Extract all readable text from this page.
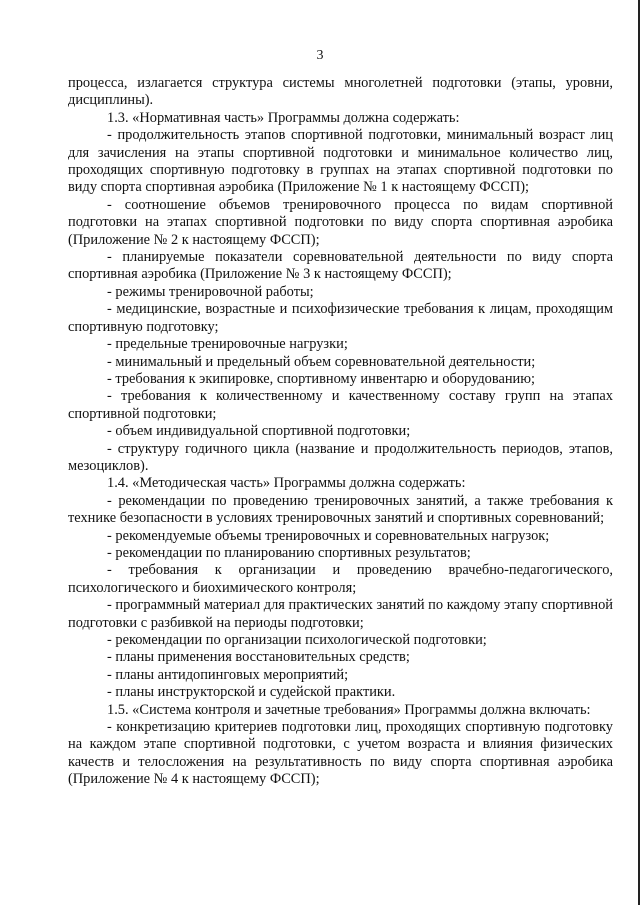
3

процесса, излагается структура системы многолетней подготовки (этапы, уровни, дисциплины).

1.3. «Нормативная часть» Программы должна содержать:

- продолжительность этапов спортивной подготовки, минимальный возраст лиц для зачисления на этапы спортивной подготовки и минимальное количество лиц, проходящих спортивную подготовку в группах на этапах спортивной подготовки по виду спорта спортивная аэробика (Приложение № 1 к настоящему ФССП);

- соотношение объемов тренировочного процесса по видам спортивной подготовки на этапах спортивной подготовки по виду спорта спортивная аэробика (Приложение № 2 к настоящему ФССП);

- планируемые показатели соревновательной деятельности по виду спорта спортивная аэробика (Приложение № 3 к настоящему ФССП);

- режимы тренировочной работы;

- медицинские, возрастные и психофизические требования к лицам, проходящим спортивную подготовку;

- предельные тренировочные нагрузки;

- минимальный и предельный объем соревновательной деятельности;

- требования к экипировке, спортивному инвентарю и оборудованию;

- требования к количественному и качественному составу групп на этапах спортивной подготовки;

- объем индивидуальной спортивной подготовки;

- структуру годичного цикла (название и продолжительность периодов, этапов, мезоциклов).

1.4. «Методическая часть» Программы должна содержать:

- рекомендации по проведению тренировочных занятий, а также требования к технике безопасности в условиях тренировочных занятий и спортивных соревнований;

- рекомендуемые объемы тренировочных и соревновательных нагрузок;

- рекомендации по планированию спортивных результатов;

- требования к организации и проведению врачебно-педагогического, психологического и биохимического контроля;

- программный материал для практических занятий по каждому этапу спортивной подготовки с разбивкой на периоды подготовки;

- рекомендации по организации психологической подготовки;

- планы применения восстановительных средств;

- планы антидопинговых мероприятий;

- планы инструкторской и судейской практики.

1.5. «Система контроля и зачетные требования» Программы должна включать:

- конкретизацию критериев подготовки лиц, проходящих спортивную подготовку на каждом этапе спортивной подготовки, с учетом возраста и влияния физических качеств и телосложения на результативность по виду спорта спортивная аэробика (Приложение № 4 к настоящему ФССП);
